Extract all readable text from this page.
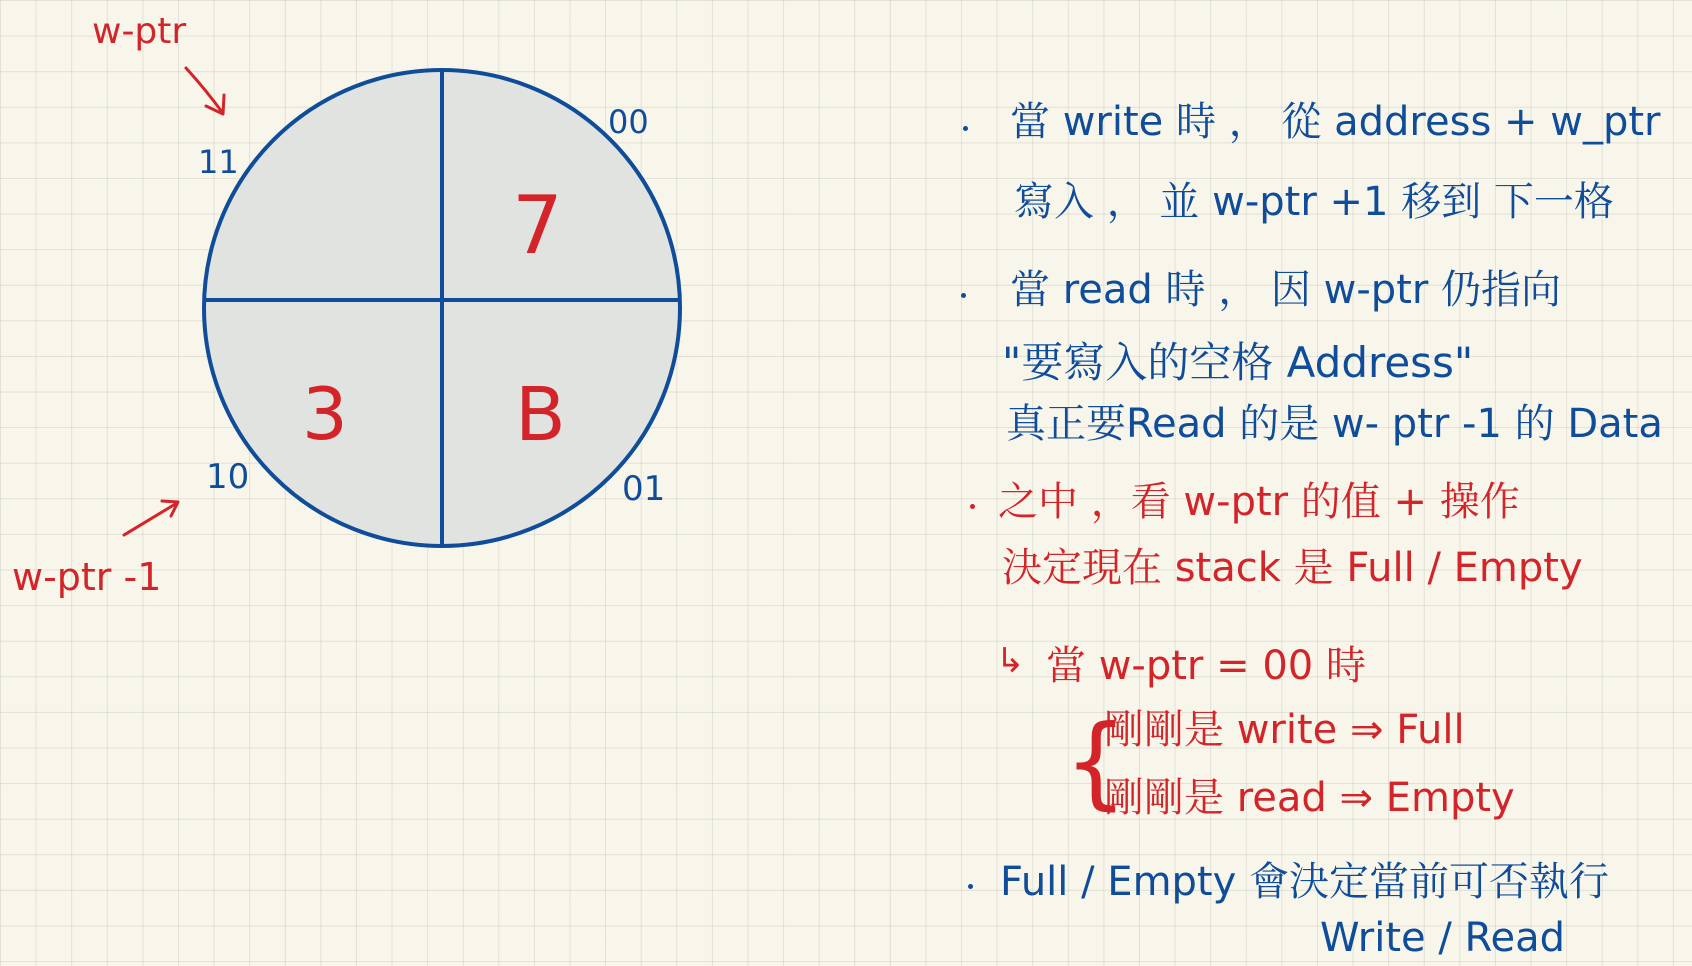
w-ptr
w-ptr -1
00
11
10	01
7
3 B
當 write 時 ， 從 address + w_ptr
寫入 ， 並 w-ptr +1 移到 下一格
當 read 時 ， 因 w-ptr 仍指向
"要寫入的空格 Address"
真正要Read 的是 w- ptr -1 的 Data
之中 ，看 w-ptr 的值 + 操作
決定現在 stack 是 Full / Empty
↳ 當 w-ptr = 00 時
{
剛剛是 write ⇒ Full
剛剛是 read ⇒ Empty
Full / Empty 會決定當前可否執行
Write / Read
